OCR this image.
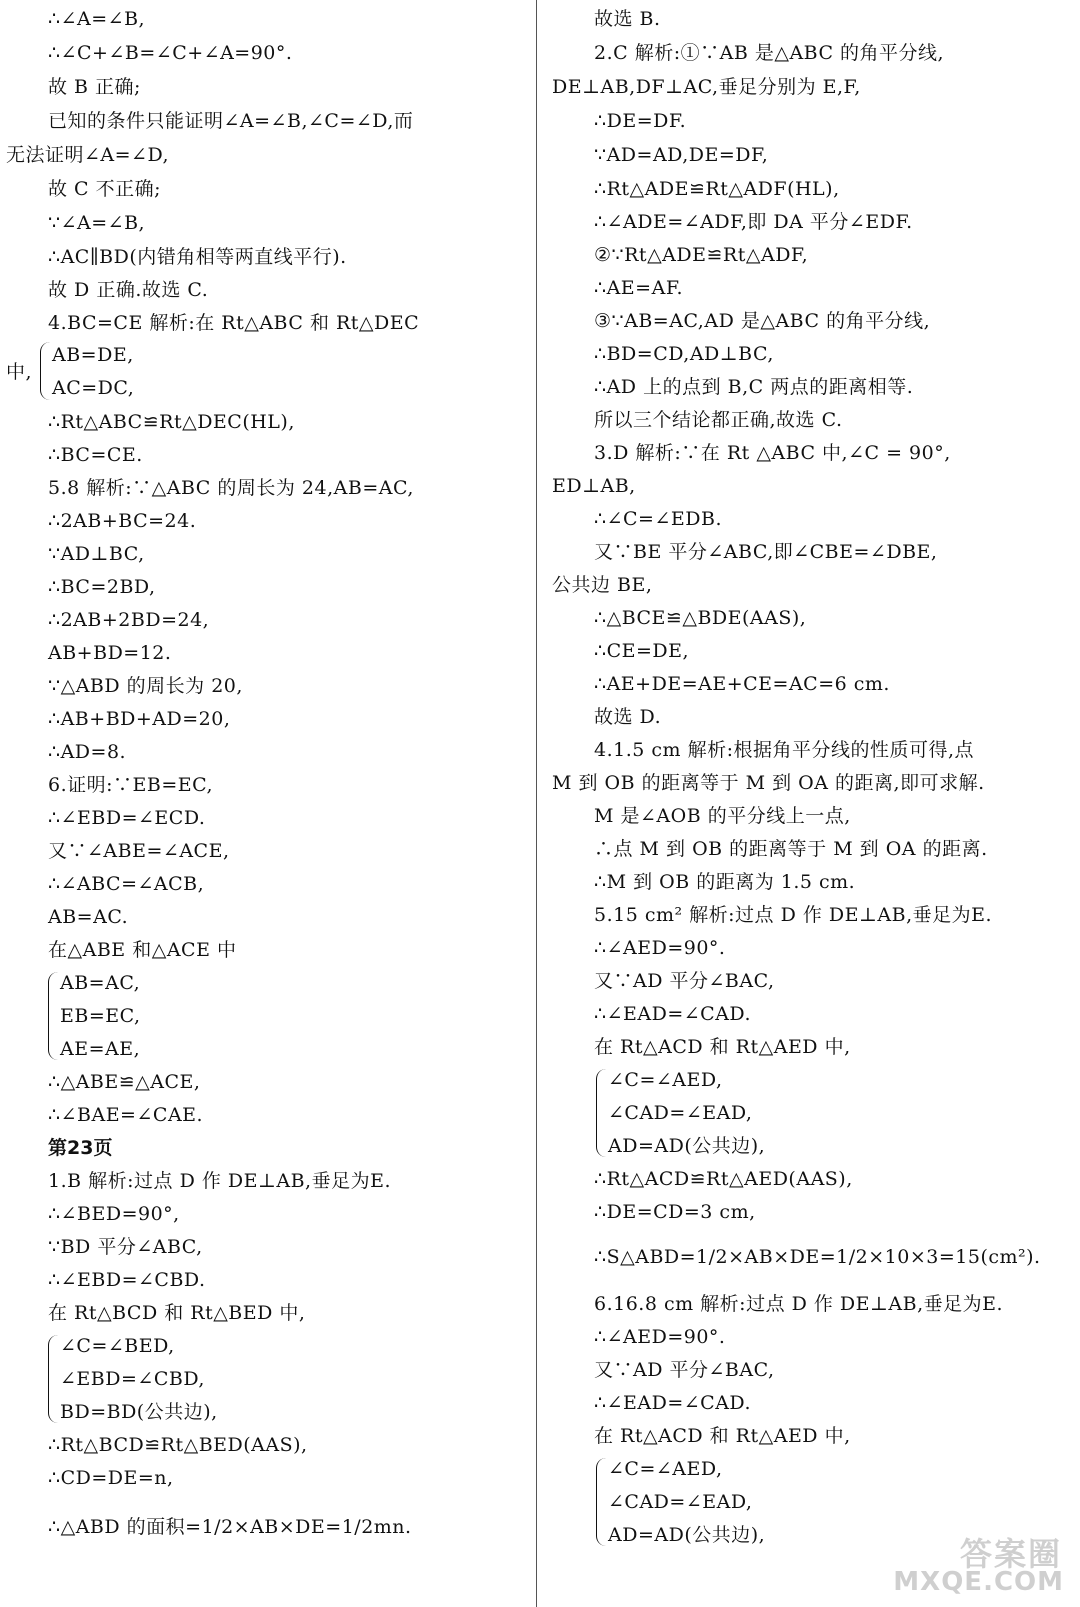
∴∠A=∠B,
∴∠C+∠B=∠C+∠A=90°.
故 B 正确;
已知的条件只能证明∠A=∠B,∠C=∠D,而
无法证明∠A=∠D,
故 C 不正确;
∵∠A=∠B,
∴AC∥BD(内错角相等两直线平行).
故 D 正确.故选 C.
4.BC=CE 解析:在 Rt△ABC 和 Rt△DEC
中,
AB=DE,
AC=DC,
∴Rt△ABC≌Rt△DEC(HL),
∴BC=CE.
5.8 解析:∵△ABC 的周长为 24,AB=AC,
∴2AB+BC=24.
∵AD⊥BC,
∴BC=2BD,
∴2AB+2BD=24,
AB+BD=12.
∵△ABD 的周长为 20,
∴AB+BD+AD=20,
∴AD=8.
6.证明:∵EB=EC,
∴∠EBD=∠ECD.
又∵∠ABE=∠ACE,
∴∠ABC=∠ACB,
AB=AC.
在△ABE 和△ACE 中
AB=AC,
EB=EC,
AE=AE,
∴△ABE≌△ACE,
∴∠BAE=∠CAE.
第23页
1.B 解析:过点 D 作 DE⊥AB,垂足为E.
∴∠BED=90°,
∵BD 平分∠ABC,
∴∠EBD=∠CBD.
在 Rt△BCD 和 Rt△BED 中,
∠C=∠BED,
∠EBD=∠CBD,
BD=BD(公共边),
∴Rt△BCD≌Rt△BED(AAS),
∴CD=DE=n,
∴△ABD 的面积=1/2×AB×DE=1/2mn.
故选 B.
2.C 解析:①∵AB 是△ABC 的角平分线,
DE⊥AB,DF⊥AC,垂足分别为 E,F,
∴DE=DF.
∵AD=AD,DE=DF,
∴Rt△ADE≌Rt△ADF(HL),
∴∠ADE=∠ADF,即 DA 平分∠EDF.
②∵Rt△ADE≌Rt△ADF,
∴AE=AF.
③∵AB=AC,AD 是△ABC 的角平分线,
∴BD=CD,AD⊥BC,
∴AD 上的点到 B,C 两点的距离相等.
所以三个结论都正确,故选 C.
3.D 解析:∵在 Rt △ABC 中,∠C = 90°,
ED⊥AB,
∴∠C=∠EDB.
又∵BE 平分∠ABC,即∠CBE=∠DBE,
公共边 BE,
∴△BCE≌△BDE(AAS),
∴CE=DE,
∴AE+DE=AE+CE=AC=6 cm.
故选 D.
4.1.5 cm 解析:根据角平分线的性质可得,点
M 到 OB 的距离等于 M 到 OA 的距离,即可求解.
M 是∠AOB 的平分线上一点,
∴点 M 到 OB 的距离等于 M 到 OA 的距离.
∴M 到 OB 的距离为 1.5 cm.
5.15 cm² 解析:过点 D 作 DE⊥AB,垂足为E.
∴∠AED=90°.
又∵AD 平分∠BAC,
∴∠EAD=∠CAD.
在 Rt△ACD 和 Rt△AED 中,
∠C=∠AED,
∠CAD=∠EAD,
AD=AD(公共边),
∴Rt△ACD≌Rt△AED(AAS),
∴DE=CD=3 cm,
∴S△ABD=1/2×AB×DE=1/2×10×3=15(cm²).
6.16.8 cm 解析:过点 D 作 DE⊥AB,垂足为E.
∴∠AED=90°.
又∵AD 平分∠BAC,
∴∠EAD=∠CAD.
在 Rt△ACD 和 Rt△AED 中,
∠C=∠AED,
∠CAD=∠EAD,
AD=AD(公共边),	答案圈
MXQE.COM
